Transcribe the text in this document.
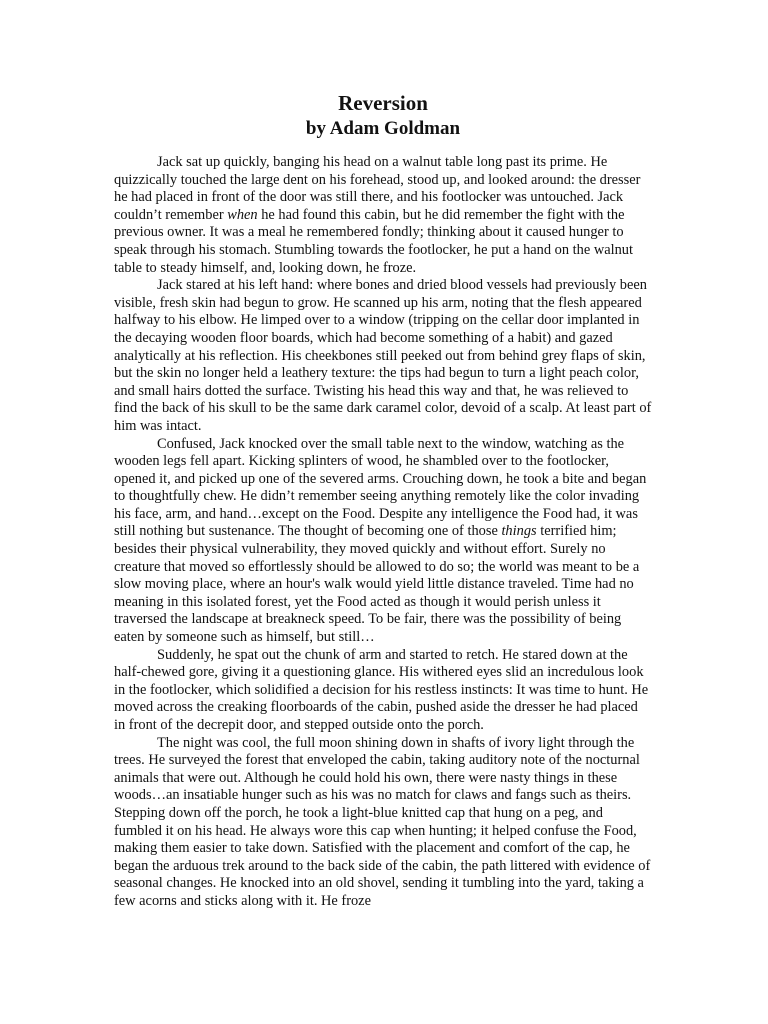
Reversion
by Adam Goldman

Jack sat up quickly, banging his head on a walnut table long past its prime. He quizzically touched the large dent on his forehead, stood up, and looked around: the dresser he had placed in front of the door was still there, and his footlocker was untouched. Jack couldn’t remember when he had found this cabin, but he did remember the fight with the previous owner. It was a meal he remembered fondly; thinking about it caused hunger to speak through his stomach. Stumbling towards the footlocker, he put a hand on the walnut table to steady himself, and, looking down, he froze.

Jack stared at his left hand: where bones and dried blood vessels had previously been visible, fresh skin had begun to grow. He scanned up his arm, noting that the flesh appeared halfway to his elbow. He limped over to a window (tripping on the cellar door implanted in the decaying wooden floor boards, which had become something of a habit) and gazed analytically at his reflection. His cheekbones still peeked out from behind grey flaps of skin, but the skin no longer held a leathery texture: the tips had begun to turn a light peach color, and small hairs dotted the surface. Twisting his head this way and that, he was relieved to find the back of his skull to be the same dark caramel color, devoid of a scalp. At least part of him was intact.

Confused, Jack knocked over the small table next to the window, watching as the wooden legs fell apart. Kicking splinters of wood, he shambled over to the footlocker, opened it, and picked up one of the severed arms. Crouching down, he took a bite and began to thoughtfully chew. He didn’t remember seeing anything remotely like the color invading his face, arm, and hand…except on the Food. Despite any intelligence the Food had, it was still nothing but sustenance. The thought of becoming one of those things terrified him; besides their physical vulnerability, they moved quickly and without effort. Surely no creature that moved so effortlessly should be allowed to do so; the world was meant to be a slow moving place, where an hour's walk would yield little distance traveled. Time had no meaning in this isolated forest, yet the Food acted as though it would perish unless it traversed the landscape at breakneck speed. To be fair, there was the possibility of being eaten by someone such as himself, but still…

Suddenly, he spat out the chunk of arm and started to retch. He stared down at the half-chewed gore, giving it a questioning glance. His withered eyes slid an incredulous look in the footlocker, which solidified a decision for his restless instincts: It was time to hunt. He moved across the creaking floorboards of the cabin, pushed aside the dresser he had placed in front of the decrepit door, and stepped outside onto the porch.

The night was cool, the full moon shining down in shafts of ivory light through the trees. He surveyed the forest that enveloped the cabin, taking auditory note of the nocturnal animals that were out. Although he could hold his own, there were nasty things in these woods…an insatiable hunger such as his was no match for claws and fangs such as theirs. Stepping down off the porch, he took a light-blue knitted cap that hung on a peg, and fumbled it on his head. He always wore this cap when hunting; it helped confuse the Food, making them easier to take down. Satisfied with the placement and comfort of the cap, he began the arduous trek around to the back side of the cabin, the path littered with evidence of seasonal changes. He knocked into an old shovel, sending it tumbling into the yard, taking a few acorns and sticks along with it. He froze
